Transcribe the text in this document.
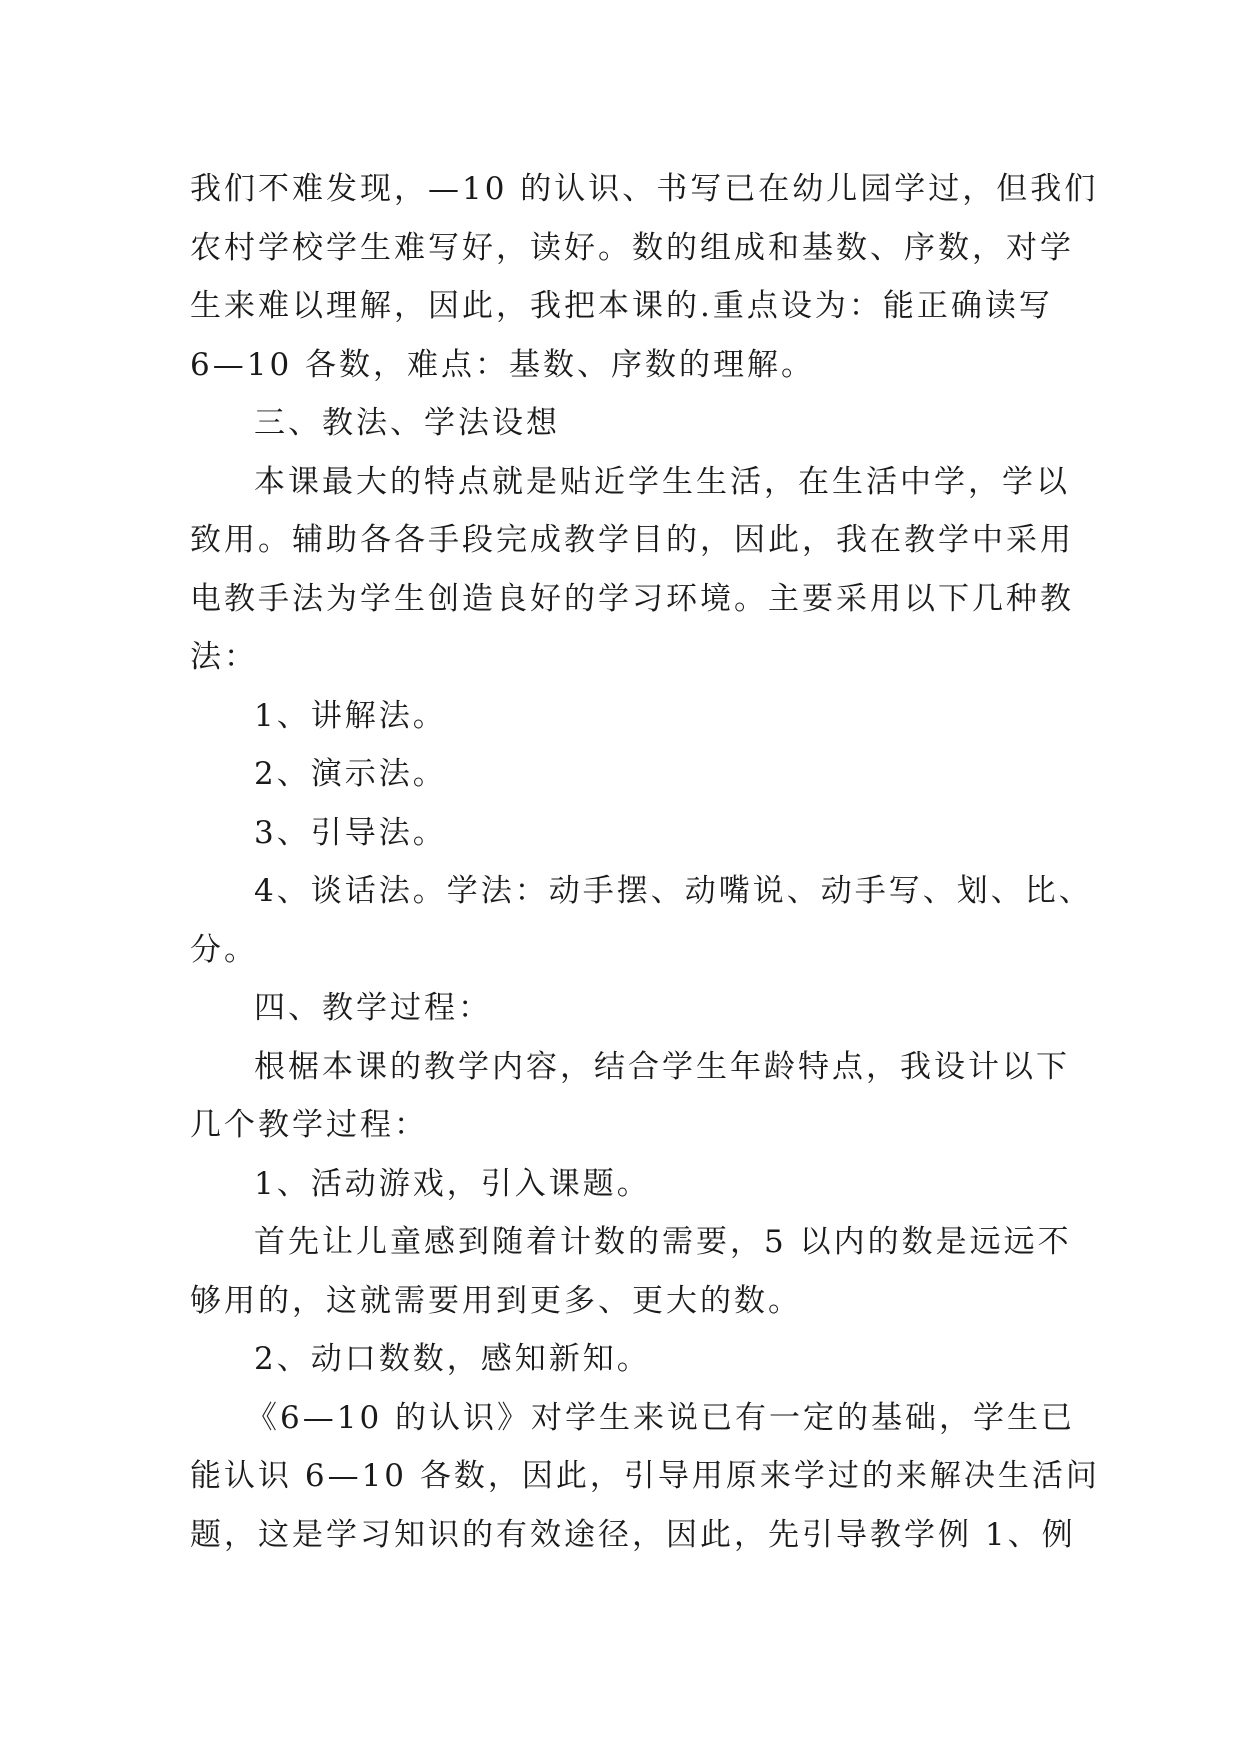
我们不难发现，—10 的认识、书写已在幼儿园学过，但我们
农村学校学生难写好，读好。数的组成和基数、序数，对学
生来难以理解，因此，我把本课的.重点设为：能正确读写
6—10 各数，难点：基数、序数的理解。
三、教法、学法设想
本课最大的特点就是贴近学生生活，在生活中学，学以
致用。辅助各各手段完成教学目的，因此，我在教学中采用
电教手法为学生创造良好的学习环境。主要采用以下几种教
法：
1、讲解法。
2、演示法。
3、引导法。
4、谈话法。学法：动手摆、动嘴说、动手写、划、比、
分。
四、教学过程：
根椐本课的教学内容，结合学生年龄特点，我设计以下
几个教学过程：
1、活动游戏，引入课题。
首先让儿童感到随着计数的需要，5 以内的数是远远不
够用的，这就需要用到更多、更大的数。
2、动口数数，感知新知。
《6—10 的认识》对学生来说已有一定的基础，学生已
能认识 6—10 各数，因此，引导用原来学过的来解决生活问
题，这是学习知识的有效途径，因此，先引导教学例 1、例
